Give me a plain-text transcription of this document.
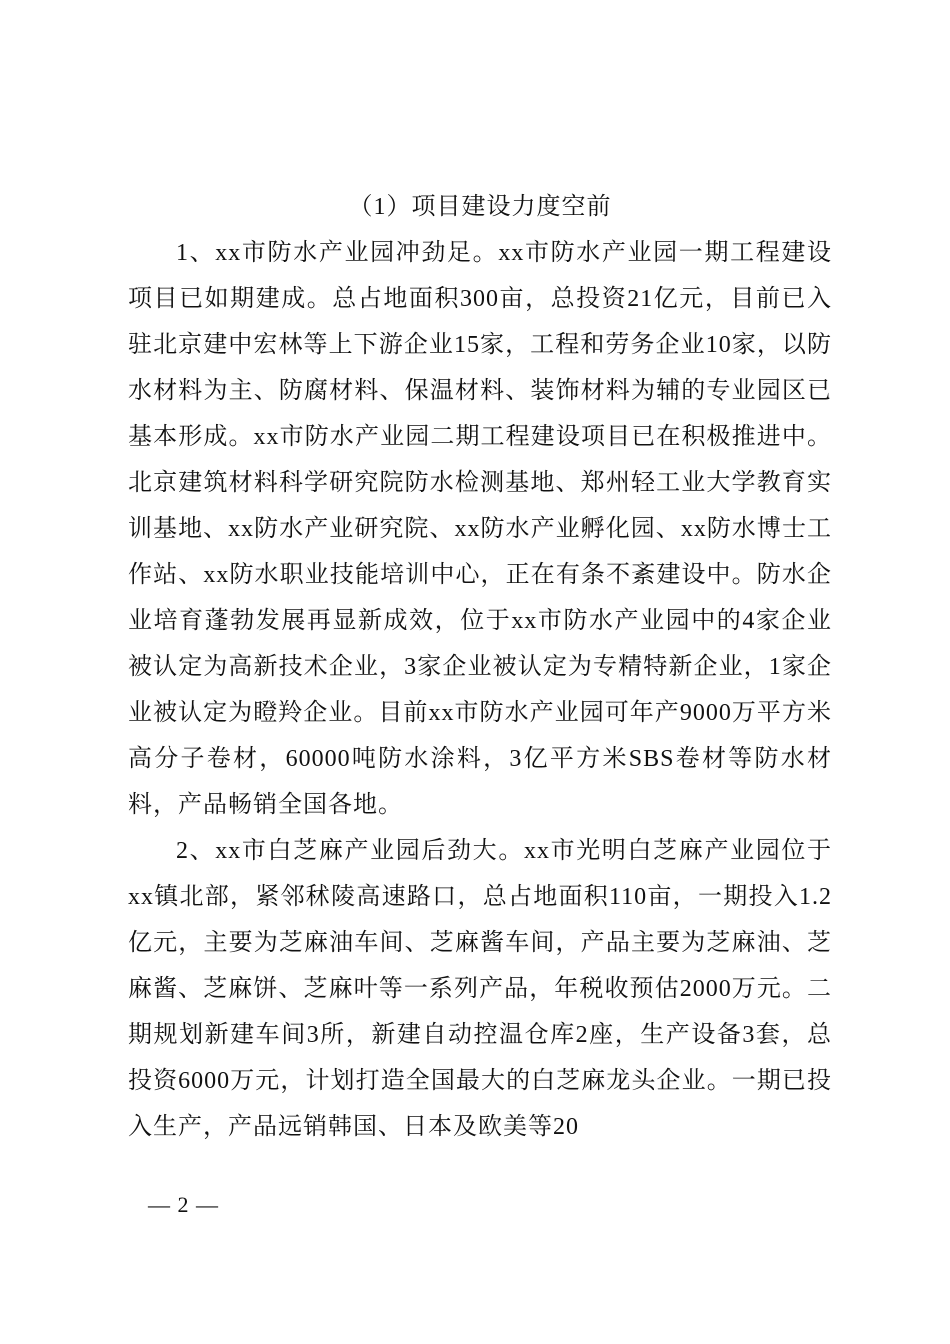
（1）项目建设力度空前

1、xx市防水产业园冲劲足。xx市防水产业园一期工程建设项目已如期建成。总占地面积300亩，总投资21亿元，目前已入驻北京建中宏林等上下游企业15家，工程和劳务企业10家，以防水材料为主、防腐材料、保温材料、装饰材料为辅的专业园区已基本形成。xx市防水产业园二期工程建设项目已在积极推进中。北京建筑材料科学研究院防水检测基地、郑州轻工业大学教育实训基地、xx防水产业研究院、xx防水产业孵化园、xx防水博士工作站、xx防水职业技能培训中心，正在有条不紊建设中。防水企业培育蓬勃发展再显新成效，位于xx市防水产业园中的4家企业被认定为高新技术企业，3家企业被认定为专精特新企业，1家企业被认定为瞪羚企业。目前xx市防水产业园可年产9000万平方米高分子卷材，60000吨防水涂料，3亿平方米SBS卷材等防水材料，产品畅销全国各地。

2、xx市白芝麻产业园后劲大。xx市光明白芝麻产业园位于xx镇北部，紧邻秫陵高速路口，总占地面积110亩，一期投入1.2亿元，主要为芝麻油车间、芝麻酱车间，产品主要为芝麻油、芝麻酱、芝麻饼、芝麻叶等一系列产品，年税收预估2000万元。二期规划新建车间3所，新建自动控温仓库2座，生产设备3套，总投资6000万元，计划打造全国最大的白芝麻龙头企业。一期已投入生产，产品远销韩国、日本及欧美等20

— 2 —
